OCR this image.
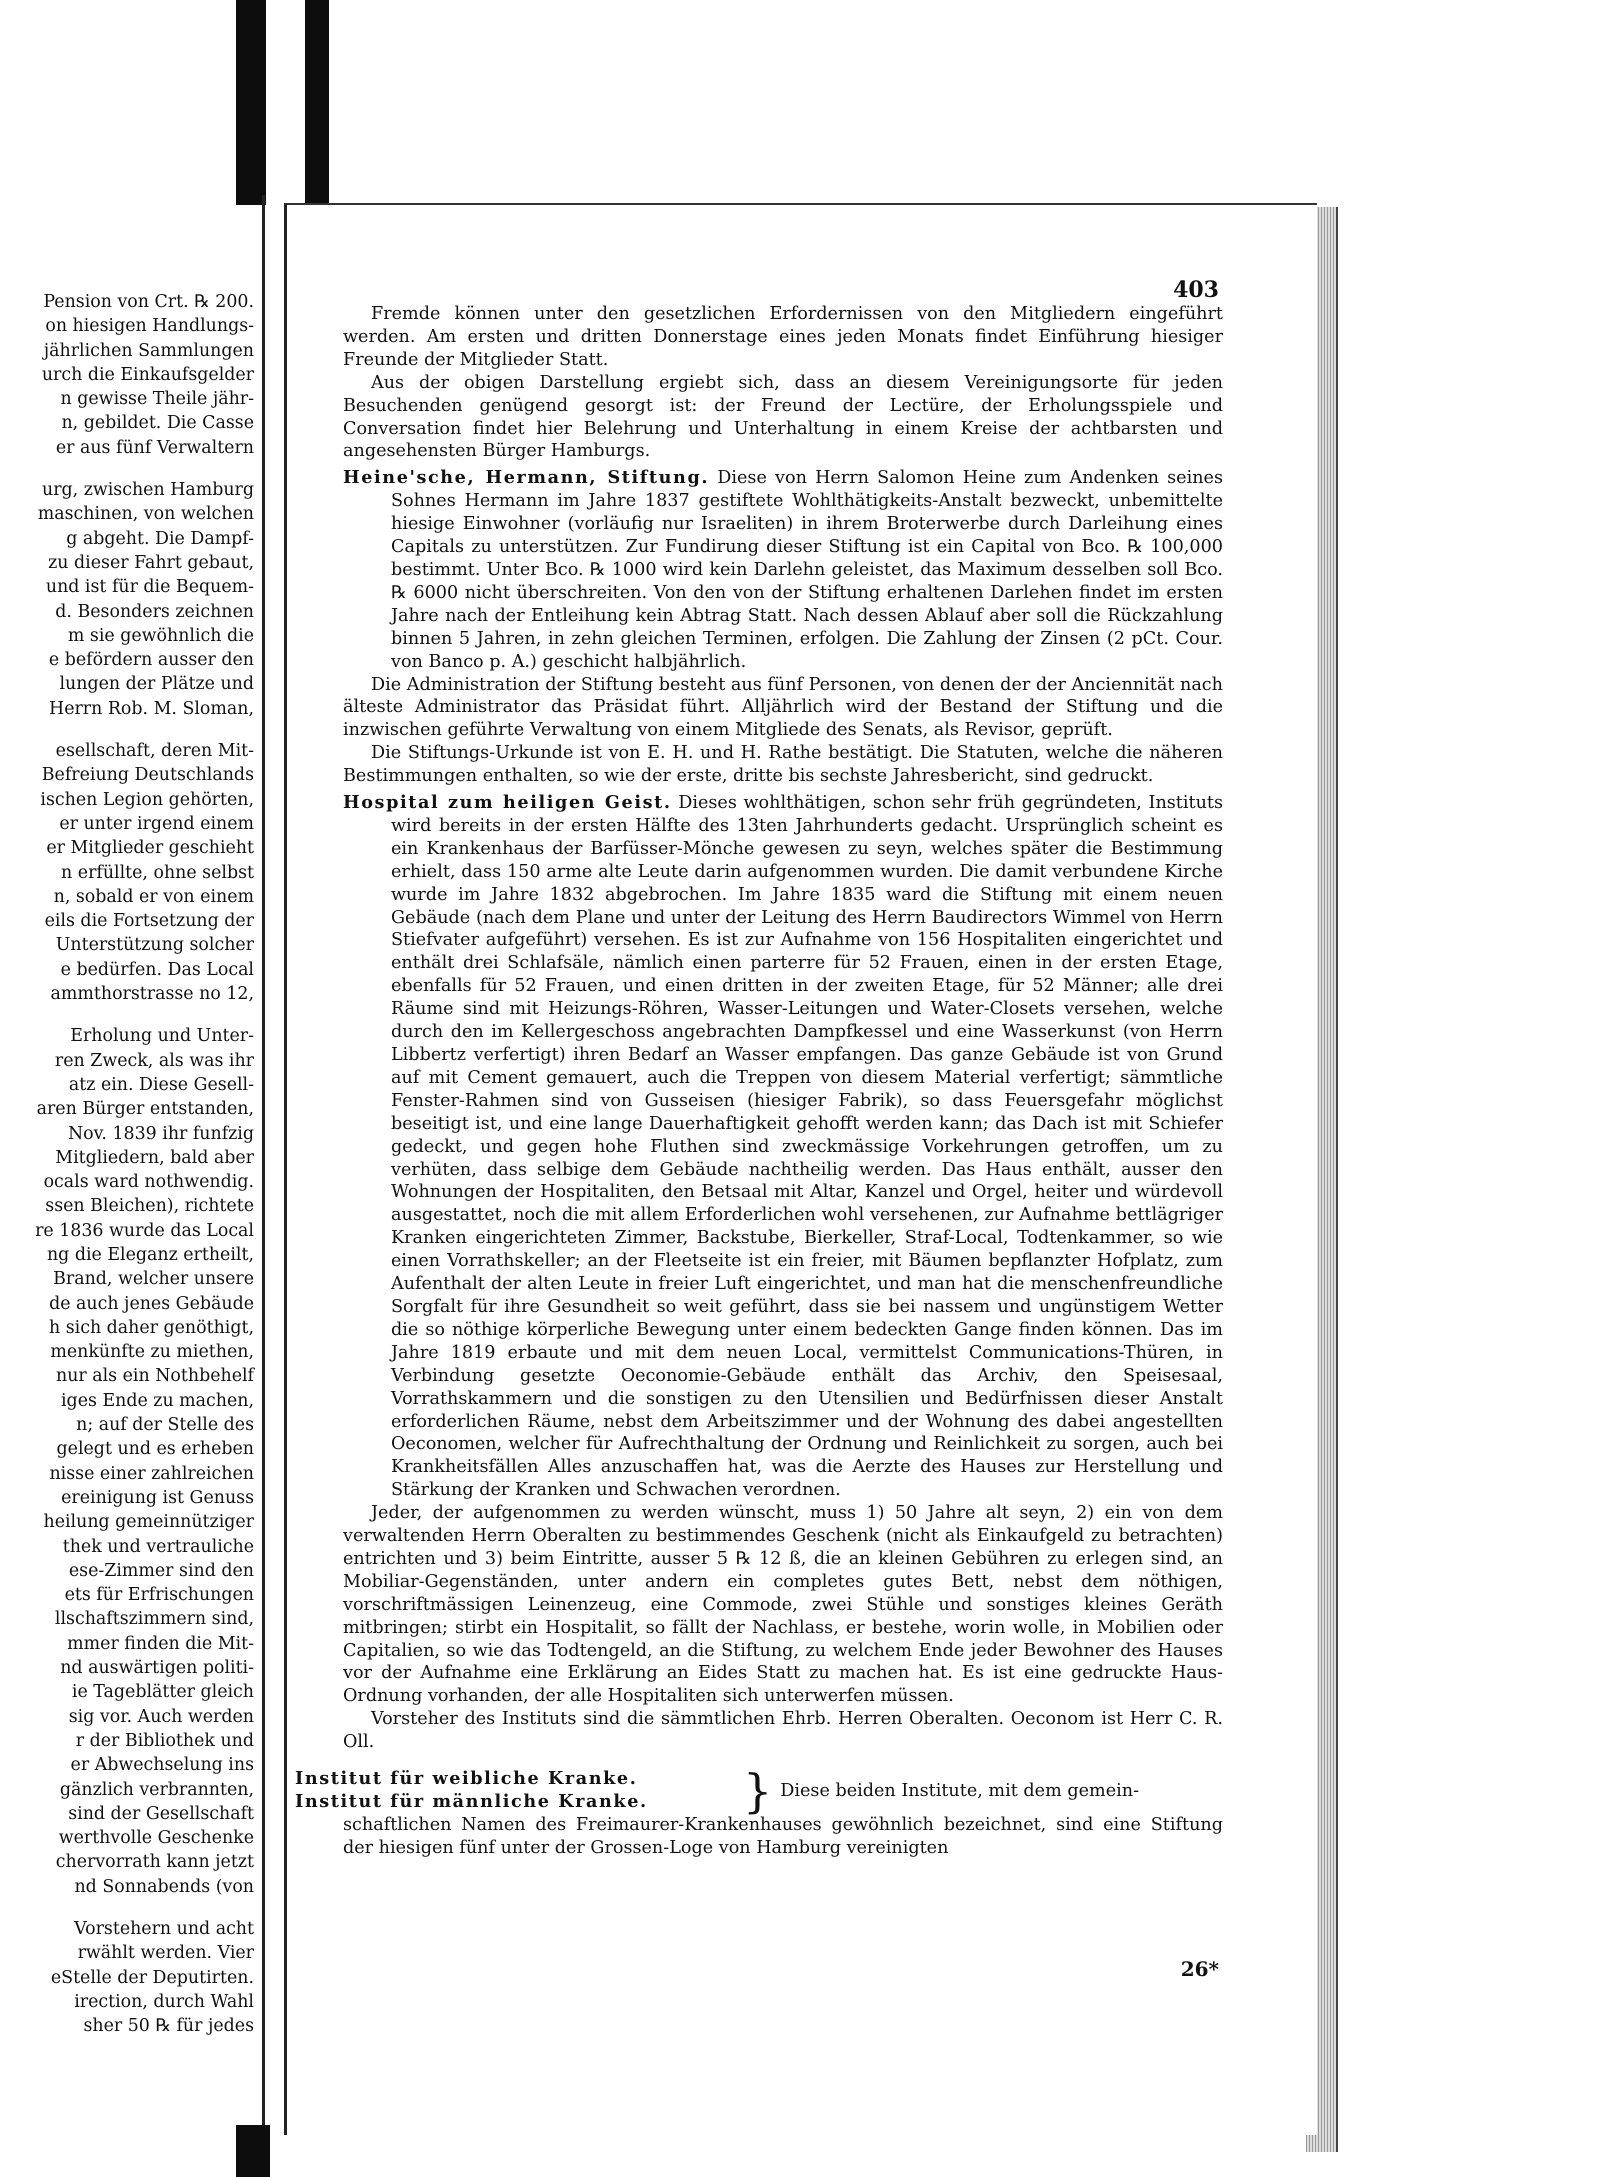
Pension von Crt. ℞ 200.
on hiesigen Handlungs-
jährlichen Sammlungen
urch die Einkaufsgelder
n gewisse Theile jähr-
n, gebildet. Die Casse
er aus fünf Verwaltern
urg, zwischen Hamburg
maschinen, von welchen
g abgeht. Die Dampf-
zu dieser Fahrt gebaut,
und ist für die Bequem-
d. Besonders zeichnen
m sie gewöhnlich die
e befördern ausser den
lungen der Plätze und
Herrn Rob. M. Sloman,
esellschaft, deren Mit-
Befreiung Deutschlands
ischen Legion gehörten,
er unter irgend einem
er Mitglieder geschieht
n erfüllte, ohne selbst
n, sobald er von einem
eils die Fortsetzung der
Unterstützung solcher
e bedürfen. Das Local
ammthorstrasse no 12,
Erholung und Unter-
ren Zweck, als was ihr
atz ein. Diese Gesell-
aren Bürger entstanden,
Nov. 1839 ihr funfzig
Mitgliedern, bald aber
ocals ward nothwendig.
ssen Bleichen), richtete
re 1836 wurde das Local
ng die Eleganz ertheilt,
Brand, welcher unsere
de auch jenes Gebäude
h sich daher genöthigt,
menkünfte zu miethen,
nur als ein Nothbehelf
iges Ende zu machen,
n; auf der Stelle des
gelegt und es erheben
nisse einer zahlreichen
ereinigung ist Genuss
heilung gemeinnütziger
thek und vertrauliche
ese-Zimmer sind den
ets für Erfrischungen
llschaftszimmern sind,
mmer finden die Mit-
nd auswärtigen politi-
ie Tageblätter gleich
sig vor. Auch werden
r der Bibliothek und
er Abwechselung ins
gänzlich verbrannten,
sind der Gesellschaft
werthvolle Geschenke
chervorrath kann jetzt
nd Sonnabends (von
Vorstehern und acht
rwählt werden. Vier
eStelle der Deputirten.
irection, durch Wahl
sher 50 ℞ für jedes
403

Fremde können unter den gesetzlichen Erfordernissen von den Mitgliedern eingeführt werden. Am ersten und dritten Donnerstage eines jeden Monats findet Einführung hiesiger Freunde der Mitglieder Statt.

Aus der obigen Darstellung ergiebt sich, dass an diesem Vereinigungsorte für jeden Besuchenden genügend gesorgt ist: der Freund der Lectüre, der Erholungsspiele und Conversation findet hier Belehrung und Unterhaltung in einem Kreise der achtbarsten und angesehensten Bürger Hamburgs.

Heine'sche, Hermann, Stiftung. Diese von Herrn Salomon Heine zum Andenken seines Sohnes Hermann im Jahre 1837 gestiftete Wohlthätigkeits-Anstalt bezweckt, unbemittelte hiesige Einwohner (vorläufig nur Israeliten) in ihrem Broterwerbe durch Darleihung eines Capitals zu unterstützen. Zur Fundirung dieser Stiftung ist ein Capital von Bco. ℞ 100,000 bestimmt. Unter Bco. ℞ 1000 wird kein Darlehn geleistet, das Maximum desselben soll Bco. ℞ 6000 nicht überschreiten. Von den von der Stiftung erhaltenen Darlehen findet im ersten Jahre nach der Entleihung kein Abtrag Statt. Nach dessen Ablauf aber soll die Rückzahlung binnen 5 Jahren, in zehn gleichen Terminen, erfolgen. Die Zahlung der Zinsen (2 pCt. Cour. von Banco p. A.) geschicht halbjährlich.

Die Administration der Stiftung besteht aus fünf Personen, von denen der der Anciennität nach älteste Administrator das Präsidat führt. Alljährlich wird der Bestand der Stiftung und die inzwischen geführte Verwaltung von einem Mitgliede des Senats, als Revisor, geprüft.

Die Stiftungs-Urkunde ist von E. H. und H. Rathe bestätigt. Die Statuten, welche die näheren Bestimmungen enthalten, so wie der erste, dritte bis sechste Jahresbericht, sind gedruckt.

Hospital zum heiligen Geist. Dieses wohlthätigen, schon sehr früh gegründeten, Instituts wird bereits in der ersten Hälfte des 13ten Jahrhunderts gedacht. Ursprünglich scheint es ein Krankenhaus der Barfüsser-Mönche gewesen zu seyn, welches später die Bestimmung erhielt, dass 150 arme alte Leute darin aufgenommen wurden. Die damit verbundene Kirche wurde im Jahre 1832 abgebrochen. Im Jahre 1835 ward die Stiftung mit einem neuen Gebäude (nach dem Plane und unter der Leitung des Herrn Baudirectors Wimmel von Herrn Stiefvater aufgeführt) versehen. Es ist zur Aufnahme von 156 Hospitaliten eingerichtet und enthält drei Schlafsäle, nämlich einen parterre für 52 Frauen, einen in der ersten Etage, ebenfalls für 52 Frauen, und einen dritten in der zweiten Etage, für 52 Männer; alle drei Räume sind mit Heizungs-Röhren, Wasser-Leitungen und Water-Closets versehen, welche durch den im Kellergeschoss angebrachten Dampfkessel und eine Wasserkunst (von Herrn Libbertz verfertigt) ihren Bedarf an Wasser empfangen. Das ganze Gebäude ist von Grund auf mit Cement gemauert, auch die Treppen von diesem Material verfertigt; sämmtliche Fenster-Rahmen sind von Gusseisen (hiesiger Fabrik), so dass Feuersgefahr möglichst beseitigt ist, und eine lange Dauerhaftigkeit gehofft werden kann; das Dach ist mit Schiefer gedeckt, und gegen hohe Fluthen sind zweckmässige Vorkehrungen getroffen, um zu verhüten, dass selbige dem Gebäude nachtheilig werden. Das Haus enthält, ausser den Wohnungen der Hospitaliten, den Betsaal mit Altar, Kanzel und Orgel, heiter und würdevoll ausgestattet, noch die mit allem Erforderlichen wohl versehenen, zur Aufnahme bettlägriger Kranken eingerichteten Zimmer, Backstube, Bierkeller, Straf-Local, Todtenkammer, so wie einen Vorrathskeller; an der Fleetseite ist ein freier, mit Bäumen bepflanzter Hofplatz, zum Aufenthalt der alten Leute in freier Luft eingerichtet, und man hat die menschenfreundliche Sorgfalt für ihre Gesundheit so weit geführt, dass sie bei nassem und ungünstigem Wetter die so nöthige körperliche Bewegung unter einem bedeckten Gange finden können. Das im Jahre 1819 erbaute und mit dem neuen Local, vermittelst Communications-Thüren, in Verbindung gesetzte Oeconomie-Gebäude enthält das Archiv, den Speisesaal, Vorrathskammern und die sonstigen zu den Utensilien und Bedürfnissen dieser Anstalt erforderlichen Räume, nebst dem Arbeitszimmer und der Wohnung des dabei angestellten Oeconomen, welcher für Aufrechthaltung der Ordnung und Reinlichkeit zu sorgen, auch bei Krankheitsfällen Alles anzuschaffen hat, was die Aerzte des Hauses zur Herstellung und Stärkung der Kranken und Schwachen verordnen.

Jeder, der aufgenommen zu werden wünscht, muss 1) 50 Jahre alt seyn, 2) ein von dem verwaltenden Herrn Oberalten zu bestimmendes Geschenk (nicht als Einkaufgeld zu betrachten) entrichten und 3) beim Eintritte, ausser 5 ℞ 12 ß, die an kleinen Gebühren zu erlegen sind, an Mobiliar-Gegenständen, unter andern ein completes gutes Bett, nebst dem nöthigen, vorschriftmässigen Leinenzeug, eine Commode, zwei Stühle und sonstiges kleines Geräth mitbringen; stirbt ein Hospitalit, so fällt der Nachlass, er bestehe, worin wolle, in Mobilien oder Capitalien, so wie das Todtengeld, an die Stiftung, zu welchem Ende jeder Bewohner des Hauses vor der Aufnahme eine Erklärung an Eides Statt zu machen hat. Es ist eine gedruckte Haus-Ordnung vorhanden, der alle Hospitaliten sich unterwerfen müssen.

Vorsteher des Instituts sind die sämmtlichen Ehrb. Herren Oberalten. Oeconom ist Herr C. R. Oll.

Institut für weibliche Kranke.
Institut für männliche Kranke.	} Diese beiden Institute, mit dem gemein-

schaftlichen Namen des Freimaurer-Krankenhauses gewöhnlich bezeichnet, sind eine Stiftung der hiesigen fünf unter der Grossen-Loge von Hamburg vereinigten

26*
